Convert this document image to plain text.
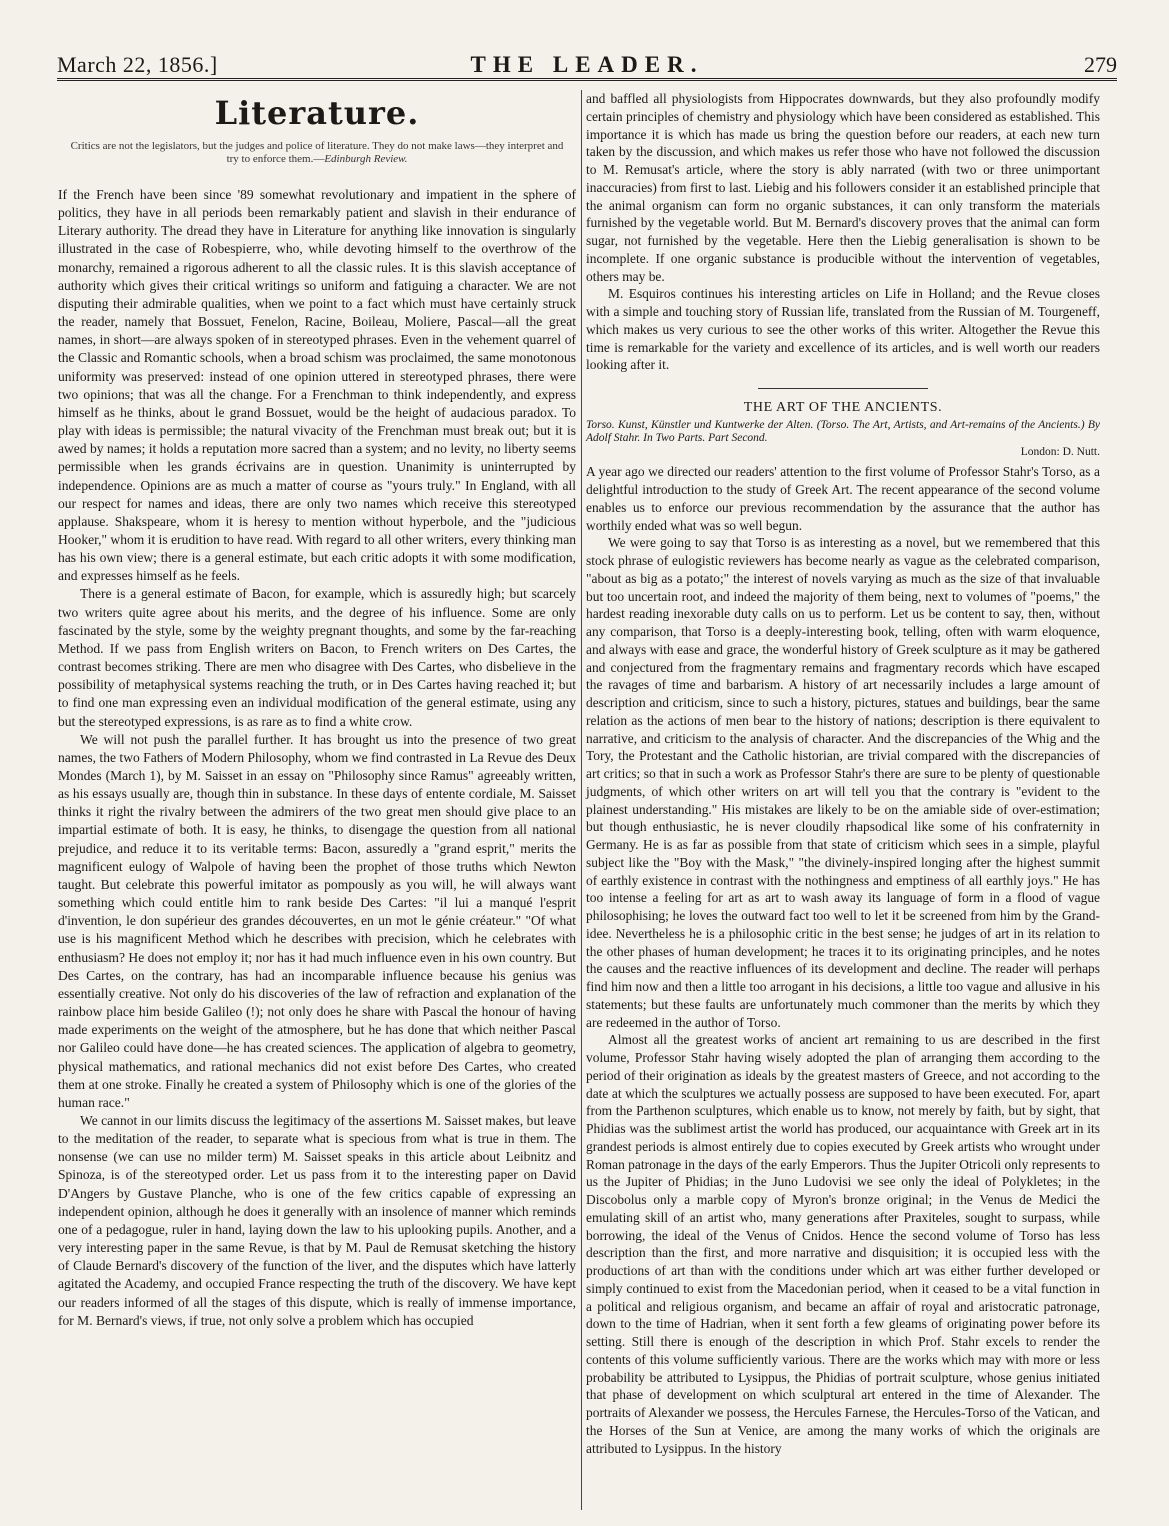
March 22, 1856.]	THE LEADER.	279
Literature.
Critics are not the legislators, but the judges and police of literature. They do not make laws—they interpret and try to enforce them.—Edinburgh Review.

If the French have been since '89 somewhat revolutionary and impatient in the sphere of politics, they have in all periods been remarkably patient and slavish in their endurance of Literary authority. The dread they have in Literature for anything like innovation is singularly illustrated in the case of Robespierre, who, while devoting himself to the overthrow of the monarchy, remained a rigorous adherent to all the classic rules. It is this slavish acceptance of authority which gives their critical writings so uniform and fatiguing a character. We are not disputing their admirable qualities, when we point to a fact which must have certainly struck the reader, namely that Bossuet, Fenelon, Racine, Boileau, Moliere, Pascal—all the great names, in short—are always spoken of in stereotyped phrases. Even in the vehement quarrel of the Classic and Romantic schools, when a broad schism was proclaimed, the same monotonous uniformity was preserved: instead of one opinion uttered in stereotyped phrases, there were two opinions; that was all the change. For a Frenchman to think independently, and express himself as he thinks, about le grand Bossuet, would be the height of audacious paradox. To play with ideas is permissible; the natural vivacity of the Frenchman must break out; but it is awed by names; it holds a reputation more sacred than a system; and no levity, no liberty seems permissible when les grands écrivains are in question. Unanimity is uninterrupted by independence. Opinions are as much a matter of course as "yours truly." In England, with all our respect for names and ideas, there are only two names which receive this stereotyped applause. Shakspeare, whom it is heresy to mention without hyperbole, and the "judicious Hooker," whom it is erudition to have read. With regard to all other writers, every thinking man has his own view; there is a general estimate, but each critic adopts it with some modification, and expresses himself as he feels.

There is a general estimate of Bacon, for example, which is assuredly high; but scarcely two writers quite agree about his merits, and the degree of his influence. Some are only fascinated by the style, some by the weighty pregnant thoughts, and some by the far-reaching Method. If we pass from English writers on Bacon, to French writers on Des Cartes, the contrast becomes striking. There are men who disagree with Des Cartes, who disbelieve in the possibility of metaphysical systems reaching the truth, or in Des Cartes having reached it; but to find one man expressing even an individual modification of the general estimate, using any but the stereotyped expressions, is as rare as to find a white crow.

We will not push the parallel further. It has brought us into the presence of two great names, the two Fathers of Modern Philosophy, whom we find contrasted in La Revue des Deux Mondes (March 1), by M. Saisset in an essay on "Philosophy since Ramus" agreeably written, as his essays usually are, though thin in substance. In these days of entente cordiale, M. Saisset thinks it right the rivalry between the admirers of the two great men should give place to an impartial estimate of both. It is easy, he thinks, to disengage the question from all national prejudice, and reduce it to its veritable terms: Bacon, assuredly a "grand esprit," merits the magnificent eulogy of Walpole of having been the prophet of those truths which Newton taught. But celebrate this powerful imitator as pompously as you will, he will always want something which could entitle him to rank beside Des Cartes: "il lui a manqué l'esprit d'invention, le don supérieur des grandes découvertes, en un mot le génie créateur." "Of what use is his magnificent Method which he describes with precision, which he celebrates with enthusiasm? He does not employ it; nor has it had much influence even in his own country. But Des Cartes, on the contrary, has had an incomparable influence because his genius was essentially creative. Not only do his discoveries of the law of refraction and explanation of the rainbow place him beside Galileo (!); not only does he share with Pascal the honour of having made experiments on the weight of the atmosphere, but he has done that which neither Pascal nor Galileo could have done—he has created sciences. The application of algebra to geometry, physical mathematics, and rational mechanics did not exist before Des Cartes, who created them at one stroke. Finally he created a system of Philosophy which is one of the glories of the human race."

We cannot in our limits discuss the legitimacy of the assertions M. Saisset makes, but leave to the meditation of the reader, to separate what is specious from what is true in them. The nonsense (we can use no milder term) M. Saisset speaks in this article about Leibnitz and Spinoza, is of the stereotyped order. Let us pass from it to the interesting paper on David D'Angers by Gustave Planche, who is one of the few critics capable of expressing an independent opinion, although he does it generally with an insolence of manner which reminds one of a pedagogue, ruler in hand, laying down the law to his uplooking pupils. Another, and a very interesting paper in the same Revue, is that by M. Paul de Remusat sketching the history of Claude Bernard's discovery of the function of the liver, and the disputes which have latterly agitated the Academy, and occupied France respecting the truth of the discovery. We have kept our readers informed of all the stages of this dispute, which is really of immense importance, for M. Bernard's views, if true, not only solve a problem which has occupied

and baffled all physiologists from Hippocrates downwards, but they also profoundly modify certain principles of chemistry and physiology which have been considered as established. This importance it is which has made us bring the question before our readers, at each new turn taken by the discussion, and which makes us refer those who have not followed the discussion to M. Remusat's article, where the story is ably narrated (with two or three unimportant inaccuracies) from first to last. Liebig and his followers consider it an established principle that the animal organism can form no organic substances, it can only transform the materials furnished by the vegetable world. But M. Bernard's discovery proves that the animal can form sugar, not furnished by the vegetable. Here then the Liebig generalisation is shown to be incomplete. If one organic substance is producible without the intervention of vegetables, others may be.

M. Esquiros continues his interesting articles on Life in Holland; and the Revue closes with a simple and touching story of Russian life, translated from the Russian of M. Tourgeneff, which makes us very curious to see the other works of this writer. Altogether the Revue this time is remarkable for the variety and excellence of its articles, and is well worth our readers looking after it.

THE ART OF THE ANCIENTS.
Torso. Kunst, Künstler und Kuntwerke der Alten. (Torso. The Art, Artists, and Art-remains of the Ancients.) By Adolf Stahr. In Two Parts. Part Second.
London: D. Nutt.

A year ago we directed our readers' attention to the first volume of Professor Stahr's Torso, as a delightful introduction to the study of Greek Art. The recent appearance of the second volume enables us to enforce our previous recommendation by the assurance that the author has worthily ended what was so well begun.

We were going to say that Torso is as interesting as a novel, but we remembered that this stock phrase of eulogistic reviewers has become nearly as vague as the celebrated comparison, "about as big as a potato;" the interest of novels varying as much as the size of that invaluable but too uncertain root, and indeed the majority of them being, next to volumes of "poems," the hardest reading inexorable duty calls on us to perform. Let us be content to say, then, without any comparison, that Torso is a deeply-interesting book, telling, often with warm eloquence, and always with ease and grace, the wonderful history of Greek sculpture as it may be gathered and conjectured from the fragmentary remains and fragmentary records which have escaped the ravages of time and barbarism. A history of art necessarily includes a large amount of description and criticism, since to such a history, pictures, statues and buildings, bear the same relation as the actions of men bear to the history of nations; description is there equivalent to narrative, and criticism to the analysis of character. And the discrepancies of the Whig and the Tory, the Protestant and the Catholic historian, are trivial compared with the discrepancies of art critics; so that in such a work as Professor Stahr's there are sure to be plenty of questionable judgments, of which other writers on art will tell you that the contrary is "evident to the plainest understanding." His mistakes are likely to be on the amiable side of over-estimation; but though enthusiastic, he is never cloudily rhapsodical like some of his confraternity in Germany. He is as far as possible from that state of criticism which sees in a simple, playful subject like the "Boy with the Mask," "the divinely-inspired longing after the highest summit of earthly existence in contrast with the nothingness and emptiness of all earthly joys." He has too intense a feeling for art as art to wash away its language of form in a flood of vague philosophising; he loves the outward fact too well to let it be screened from him by the Grand-idee. Nevertheless he is a philosophic critic in the best sense; he judges of art in its relation to the other phases of human development; he traces it to its originating principles, and he notes the causes and the reactive influences of its development and decline. The reader will perhaps find him now and then a little too arrogant in his decisions, a little too vague and allusive in his statements; but these faults are unfortunately much commoner than the merits by which they are redeemed in the author of Torso.

Almost all the greatest works of ancient art remaining to us are described in the first volume, Professor Stahr having wisely adopted the plan of arranging them according to the period of their origination as ideals by the greatest masters of Greece, and not according to the date at which the sculptures we actually possess are supposed to have been executed. For, apart from the Parthenon sculptures, which enable us to know, not merely by faith, but by sight, that Phidias was the sublimest artist the world has produced, our acquaintance with Greek art in its grandest periods is almost entirely due to copies executed by Greek artists who wrought under Roman patronage in the days of the early Emperors. Thus the Jupiter Otricoli only represents to us the Jupiter of Phidias; in the Juno Ludovisi we see only the ideal of Polykletes; in the Discobolus only a marble copy of Myron's bronze original; in the Venus de Medici the emulating skill of an artist who, many generations after Praxiteles, sought to surpass, while borrowing, the ideal of the Venus of Cnidos. Hence the second volume of Torso has less description than the first, and more narrative and disquisition; it is occupied less with the productions of art than with the conditions under which art was either further developed or simply continued to exist from the Macedonian period, when it ceased to be a vital function in a political and religious organism, and became an affair of royal and aristocratic patronage, down to the time of Hadrian, when it sent forth a few gleams of originating power before its setting. Still there is enough of the description in which Prof. Stahr excels to render the contents of this volume sufficiently various. There are the works which may with more or less probability be attributed to Lysippus, the Phidias of portrait sculpture, whose genius initiated that phase of development on which sculptural art entered in the time of Alexander. The portraits of Alexander we possess, the Hercules Farnese, the Hercules-Torso of the Vatican, and the Horses of the Sun at Venice, are among the many works of which the originals are attributed to Lysippus. In the history
